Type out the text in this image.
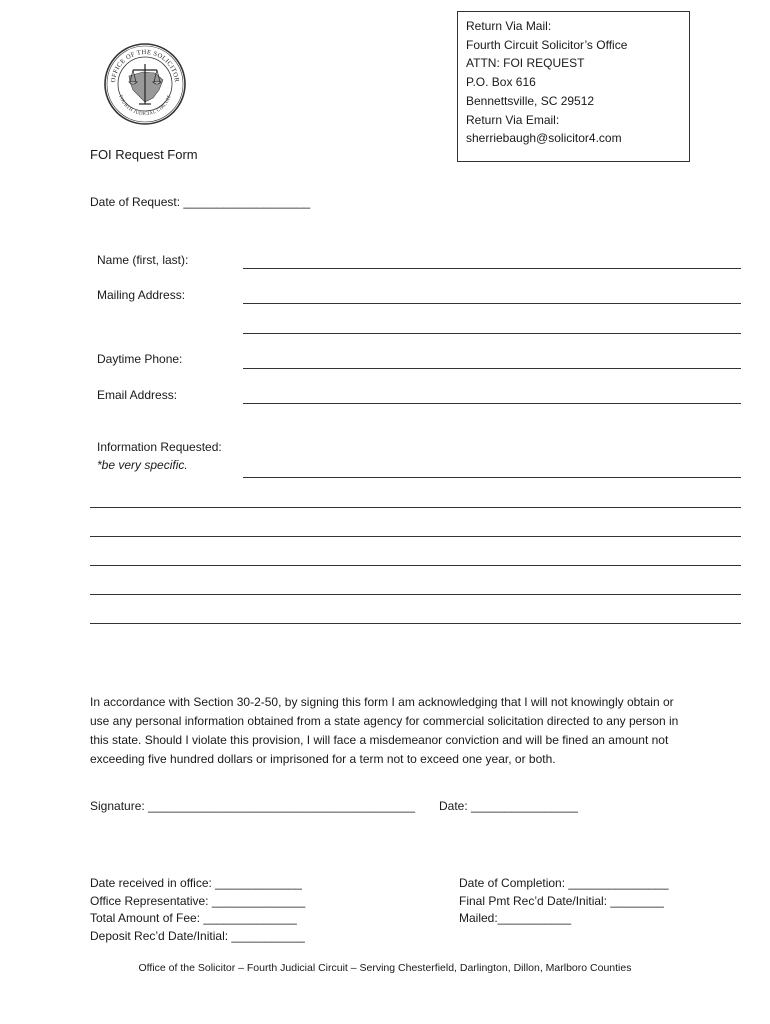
Return Via Mail:
Fourth Circuit Solicitor’s Office
ATTN: FOI REQUEST
P.O. Box 616
Bennettsville, SC 29512
Return Via Email:
sherriebaugh@solicitor4.com
OFFICE OF THE SOLICITOR
FOURTH JUDICIAL CIRCUIT
FOI Request Form
Date of Request: ___________________
Name (first, last):
Mailing Address:
Daytime Phone:
Email Address:
Information Requested:
*be very specific.
In accordance with Section 30-2-50, by signing this form I am acknowledging that I will not knowingly obtain or use any personal information obtained from a state agency for commercial solicitation directed to any person in this state. Should I violate this provision, I will face a misdemeanor conviction and will be fined an amount not exceeding five hundred dollars or imprisoned for a term not to exceed one year, or both.
Signature: ________________________________________ Date: ________________
Date received in office: _____________
Office Representative: ______________
Total Amount of Fee: ______________
Deposit Rec’d Date/Initial: ___________
Date of Completion: _______________
Final Pmt Rec’d Date/Initial: ________
Mailed:___________
Office of the Solicitor – Fourth Judicial Circuit – Serving Chesterfield, Darlington, Dillon, Marlboro Counties
